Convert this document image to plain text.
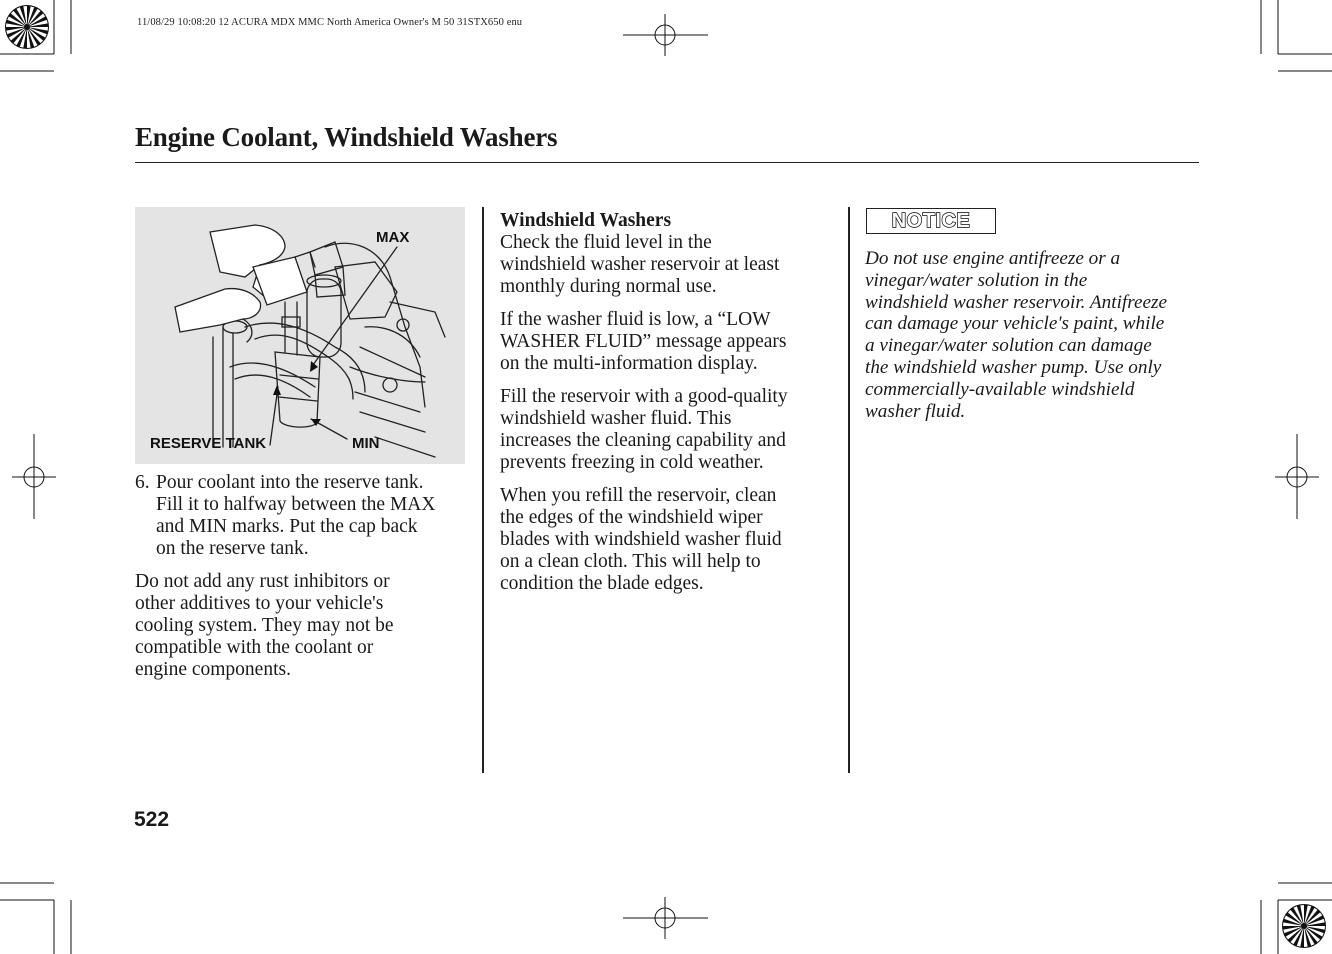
11/08/29 10:08:20 12 ACURA MDX MMC North America Owner's M 50 31STX650 enu
Engine Coolant, Windshield Washers
MAX
MIN
RESERVE TANK
6. Pour coolant into the reserve tank.
Fill it to halfway between the MAX
and MIN marks. Put the cap back
on the reserve tank.
Do not add any rust inhibitors or
other additives to your vehicle's
cooling system. They may not be
compatible with the coolant or
engine components.
Windshield Washers
Check the fluid level in the
windshield washer reservoir at least
monthly during normal use.
If the washer fluid is low, a “LOW
WASHER FLUID” message appears
on the multi-information display.
Fill the reservoir with a good-quality
windshield washer fluid. This
increases the cleaning capability and
prevents freezing in cold weather.
When you refill the reservoir, clean
the edges of the windshield wiper
blades with windshield washer fluid
on a clean cloth. This will help to
condition the blade edges.
NOTICE
Do not use engine antifreeze or a
vinegar/water solution in the
windshield washer reservoir. Antifreeze
can damage your vehicle's paint, while
a vinegar/water solution can damage
the windshield washer pump. Use only
commercially-available windshield
washer fluid.
522
